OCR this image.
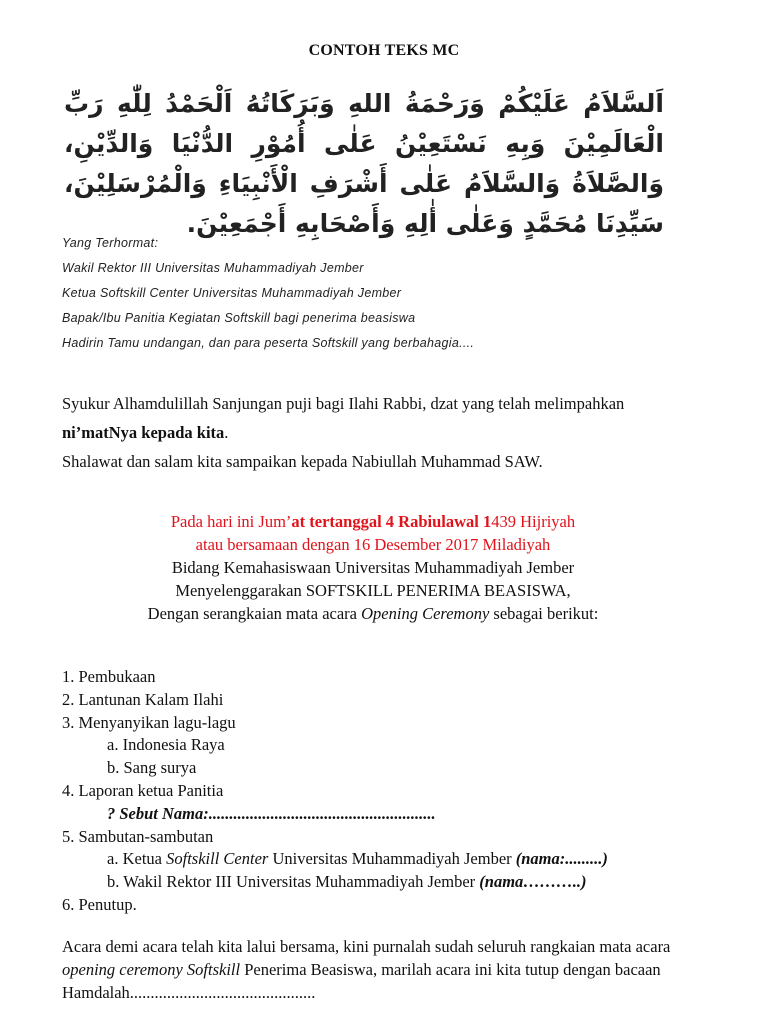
CONTOH TEKS MC
اَلسَّلاَمُ عَلَيْكُمْ وَرَحْمَةُ اللهِ وَبَرَكَاتُهُ اَلْحَمْدُ لِلّٰهِ رَبِّ الْعَالَمِيْنَ وَبِهِ نَسْتَعِيْنُ عَلٰى أُمُوْرِ الدُّنْيَا وَالدِّيْنِ، وَالصَّلاَةُ وَالسَّلاَمُ عَلٰى أَشْرَفِ الْأَنْبِيَاءِ وَالْمُرْسَلِيْنَ، سَيِّدِنَا مُحَمَّدٍ وَعَلٰى أٰلِهِ وَأَصْحَابِهِ أَجْمَعِيْنَ.
Yang Terhormat:
Wakil Rektor III Universitas Muhammadiyah Jember
Ketua Softskill Center Universitas Muhammadiyah Jember
Bapak/Ibu Panitia Kegiatan Softskill bagi penerima beasiswa
Hadirin Tamu undangan, dan para peserta Softskill yang berbahagia....
Syukur Alhamdulillah Sanjungan puji bagi Ilahi Rabbi, dzat yang telah melimpahkan
ni’matNya kepada kita.
Shalawat dan salam kita sampaikan kepada Nabiullah Muhammad SAW.
Pada hari ini Jum’at tertanggal 4 Rabiulawal 1439 Hijriyah
atau bersamaan dengan 16 Desember 2017 Miladiyah
Bidang Kemahasiswaan Universitas Muhammadiyah Jember
Menyelenggarakan SOFTSKILL PENERIMA BEASISWA,
Dengan serangkaian mata acara Opening Ceremony sebagai berikut:
1. Pembukaan
2. Lantunan Kalam Ilahi
3. Menyanyikan lagu-lagu
a. Indonesia Raya
b. Sang surya
4. Laporan ketua Panitia
? Sebut Nama:.......................................................
5. Sambutan-sambutan
a. Ketua Softskill Center Universitas Muhammadiyah Jember (nama:.........)
b. Wakil Rektor III Universitas Muhammadiyah Jember (nama………..)
6. Penutup.
Acara demi acara telah kita lalui bersama, kini purnalah sudah seluruh rangkaian mata acara opening ceremony Softskill Penerima Beasiswa, marilah acara ini kita tutup dengan bacaan Hamdalah.............................................
